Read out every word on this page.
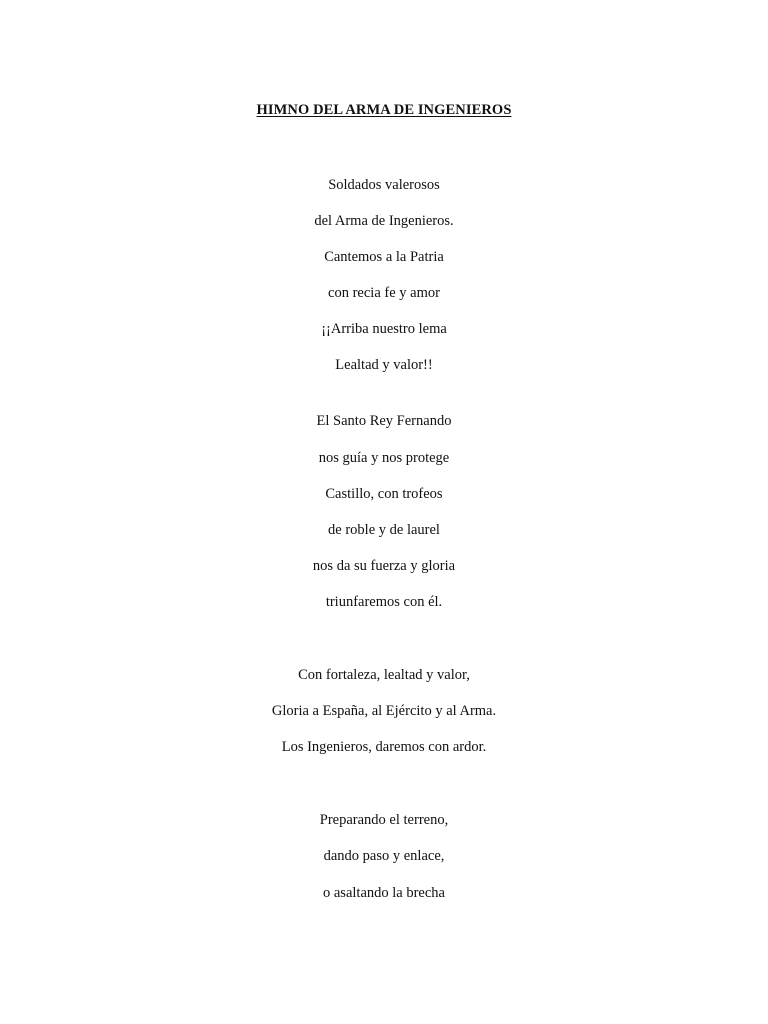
HIMNO DEL ARMA DE INGENIEROS

Soldados valerosos

del Arma de Ingenieros.

Cantemos a la Patria

con recia fe y amor

¡¡Arriba nuestro lema

Lealtad y valor!!

El Santo Rey Fernando

nos guía y nos protege

Castillo, con trofeos

de roble y de laurel

nos da su fuerza y gloria

triunfaremos con él.

Con fortaleza, lealtad y valor,

Gloria a España, al Ejército y al Arma.

Los Ingenieros, daremos con ardor.

Preparando el terreno,

dando paso y enlace,

o asaltando la brecha
